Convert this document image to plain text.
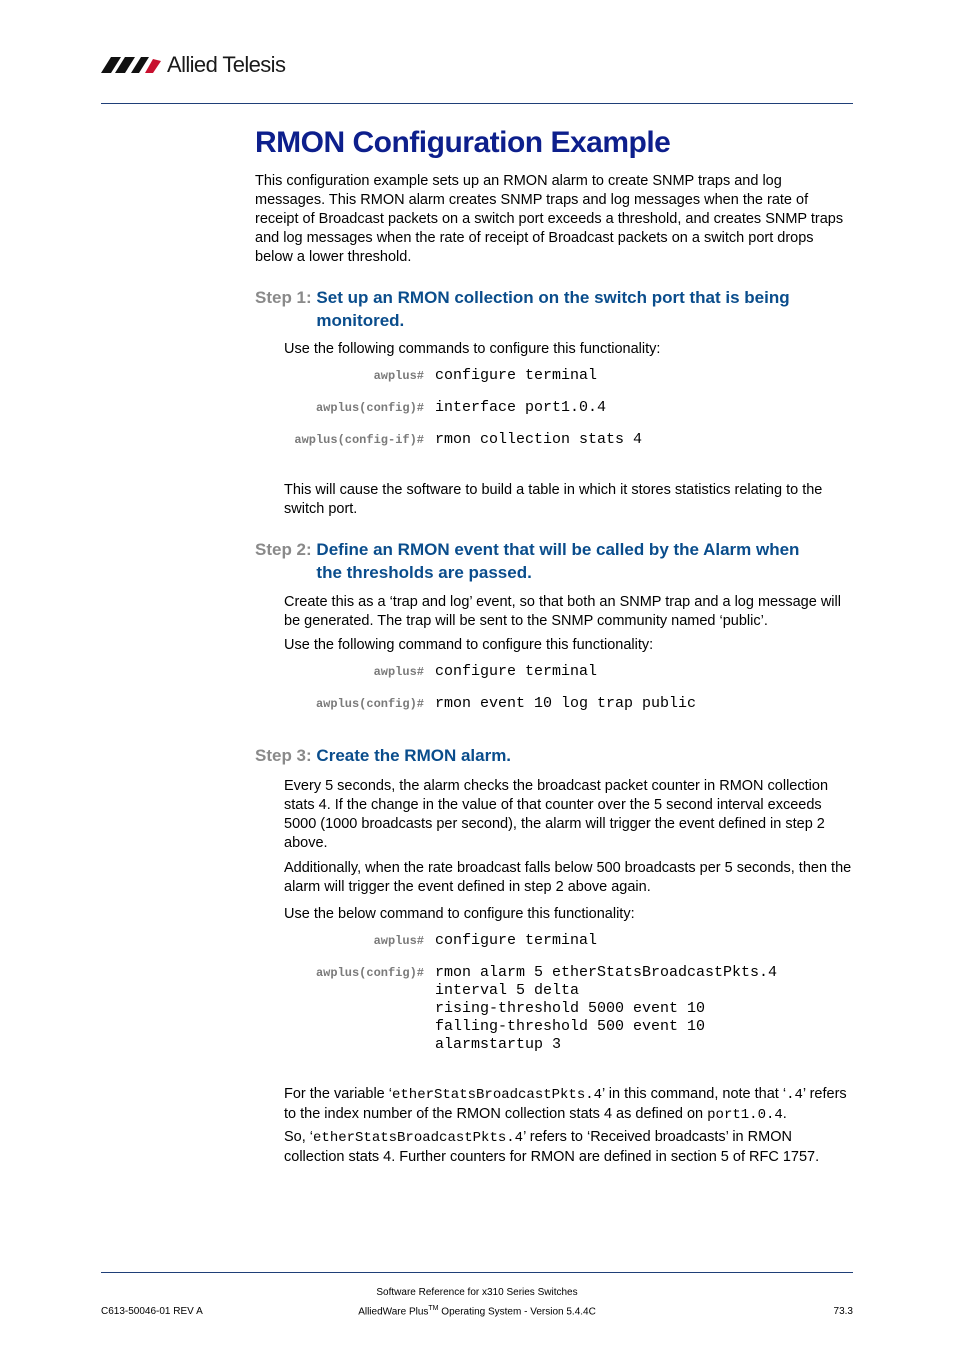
Allied Telesis
RMON Configuration Example

This configuration example sets up an RMON alarm to create SNMP traps and log messages. This RMON alarm creates SNMP traps and log messages when the rate of receipt of Broadcast packets on a switch port exceeds a threshold, and creates SNMP traps and log messages when the rate of receipt of Broadcast packets on a switch port drops below a lower threshold.

Step 1: Set up an RMON collection on the switch port that is being
monitored.

Use the following commands to configure this functionality:

awplus# configure terminal
awplus(config)# interface port1.0.4
awplus(config-if)# rmon collection stats 4

This will cause the software to build a table in which it stores statistics relating to the switch port.

Step 2: Define an RMON event that will be called by the Alarm when
the thresholds are passed.

Create this as a ‘trap and log’ event, so that both an SNMP trap and a log message will be generated. The trap will be sent to the SNMP community named ‘public’.

Use the following command to configure this functionality:

awplus# configure terminal
awplus(config)# rmon event 10 log trap public
Step 3: Create the RMON alarm.

Every 5 seconds, the alarm checks the broadcast packet counter in RMON collection stats 4. If the change in the value of that counter over the 5 second interval exceeds 5000 (1000 broadcasts per second), the alarm will trigger the event defined in step 2 above.

Additionally, when the rate broadcast falls below 500 broadcasts per 5 seconds, then the alarm will trigger the event defined in step 2 above again.

Use the below command to configure this functionality:

awplus# configure terminal
awplus(config)# rmon alarm 5 etherStatsBroadcastPkts.4
interval 5 delta
rising-threshold 5000 event 10
falling-threshold 500 event 10
alarmstartup 3

For the variable ‘etherStatsBroadcastPkts.4’ in this command, note that ‘.4’ refers to the index number of the RMON collection stats 4 as defined on port1.0.4.

So, ‘etherStatsBroadcastPkts.4’ refers to ‘Received broadcasts’ in RMON collection stats 4. Further counters for RMON are defined in section 5 of RFC 1757.

C613-50046-01 REV A
Software Reference for x310 Series Switches
AlliedWare Plus™ Operating System - Version 5.4.4C	73.3
